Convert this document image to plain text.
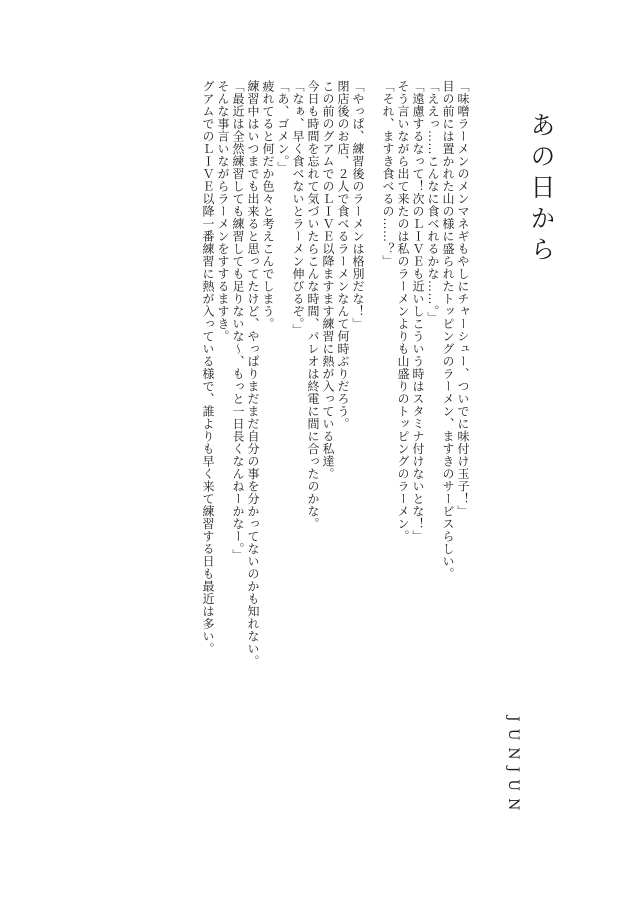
あの日から
JUNJUN
「味噌ラーメンのメンマネギもやしにチャーシュー、ついでに味付け玉子！」
目の前には置かれた山の様に盛られたトッピングのラーメン、ますきのサービスらしい。
「ええっ……こんなに食べれるかな……。」
「遠慮するなって！次のＬＩＶＥも近いしこういう時はスタミナ付けないとな！」
そう言いながら出て来たのは私のラーメンよりも山盛りのトッピングのラーメン。
「それ、ますき食べるの……？」
「やっぱ、練習後のラーメンは格別だな！」
閉店後のお店、２人で食べるラーメンなんて何時ぶりだろう。
この前のグアムでのＬＩＶＥ以降ますます練習に熱が入っている私達。
今日も時間を忘れて気づいたらこんな時間、パレオは終電に間に合ったのかな。
「なぁ、早く食べないとラーメン伸びるぞ。」
「あ、ゴメン。」
疲れてると何だか色々と考えこんでしまう。
練習中はいつまでも出来ると思ってたけど、やっぱりまだまだ自分の事を分かってないのかも知れない。
「最近は全然練習しても練習しても足りないな〜、もっと一日長くなんねーかなー。」
そんな事言いながらラーメンをすするますき。
グアムでのＬＩＶＥ以降一番練習に熱が入っている様で、誰よりも早く来て練習する日も最近は多い。
